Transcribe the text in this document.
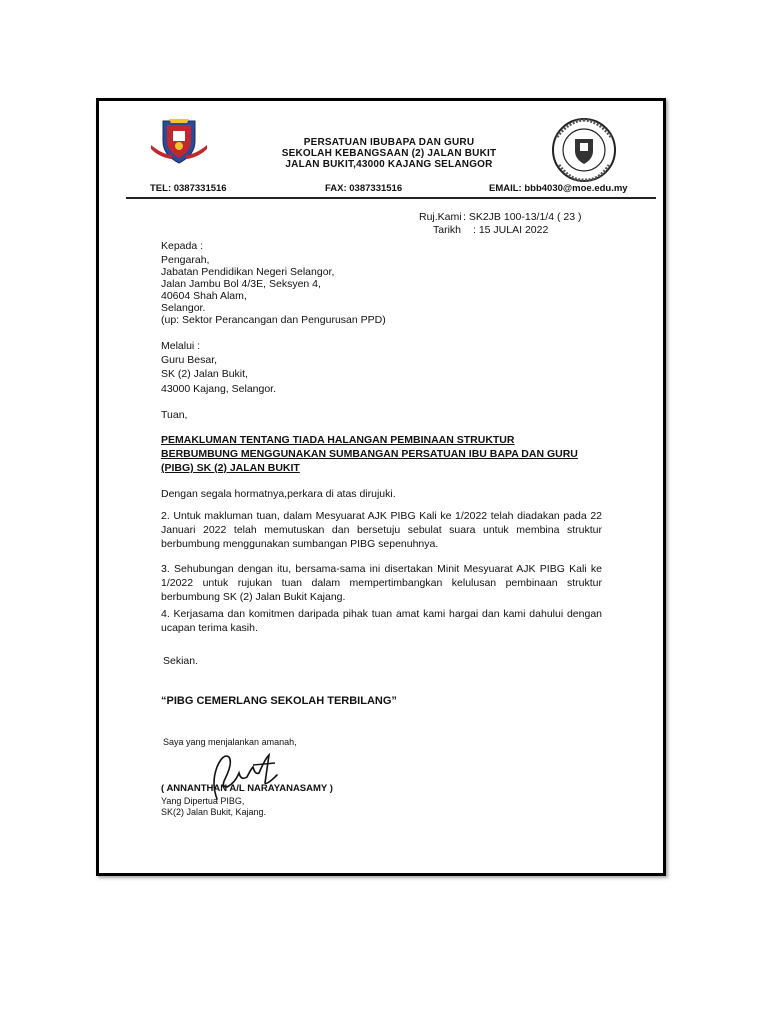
PERSATUAN IBUBAPA DAN GURU
SEKOLAH KEBANGSAAN (2) JALAN BUKIT
JALAN BUKIT,43000 KAJANG SELANGOR
TEL: 0387331516	FAX: 0387331516	EMAIL: bbb4030@moe.edu.my
Ruj.Kami : SK2JB 100-13/1/4 ( 23 )
Tarikh : 15 JULAI 2022
Kepada :
Pengarah,
Jabatan Pendidikan Negeri Selangor,
Jalan Jambu Bol 4/3E, Seksyen 4,
40604 Shah Alam,
Selangor.
(up: Sektor Perancangan dan Pengurusan PPD)
Melalui :
Guru Besar,
SK (2) Jalan Bukit,
43000 Kajang, Selangor.
Tuan,
PEMAKLUMAN TENTANG TIADA HALANGAN PEMBINAAN STRUKTUR
BERBUMBUNG MENGGUNAKAN SUMBANGAN PERSATUAN IBU BAPA DAN GURU
(PIBG) SK (2) JALAN BUKIT
Dengan segala hormatnya,perkara di atas dirujuki.
2. Untuk makluman tuan, dalam Mesyuarat AJK PIBG Kali ke 1/2022 telah diadakan pada 22 Januari 2022 telah memutuskan dan bersetuju sebulat suara untuk membina struktur berbumbung menggunakan sumbangan PIBG sepenuhnya.
3. Sehubungan dengan itu, bersama-sama ini disertakan Minit Mesyuarat AJK PIBG Kali ke 1/2022 untuk rujukan tuan dalam mempertimbangkan kelulusan pembinaan struktur berbumbung SK (2) Jalan Bukit Kajang.
4. Kerjasama dan komitmen daripada pihak tuan amat kami hargai dan kami dahului dengan ucapan terima kasih.
Sekian.
“PIBG CEMERLANG SEKOLAH TERBILANG”
Saya yang menjalankan amanah,
( ANNANTHAN A/L NARAYANASAMY )
Yang Dipertua PIBG,
SK(2) Jalan Bukit, Kajang.
